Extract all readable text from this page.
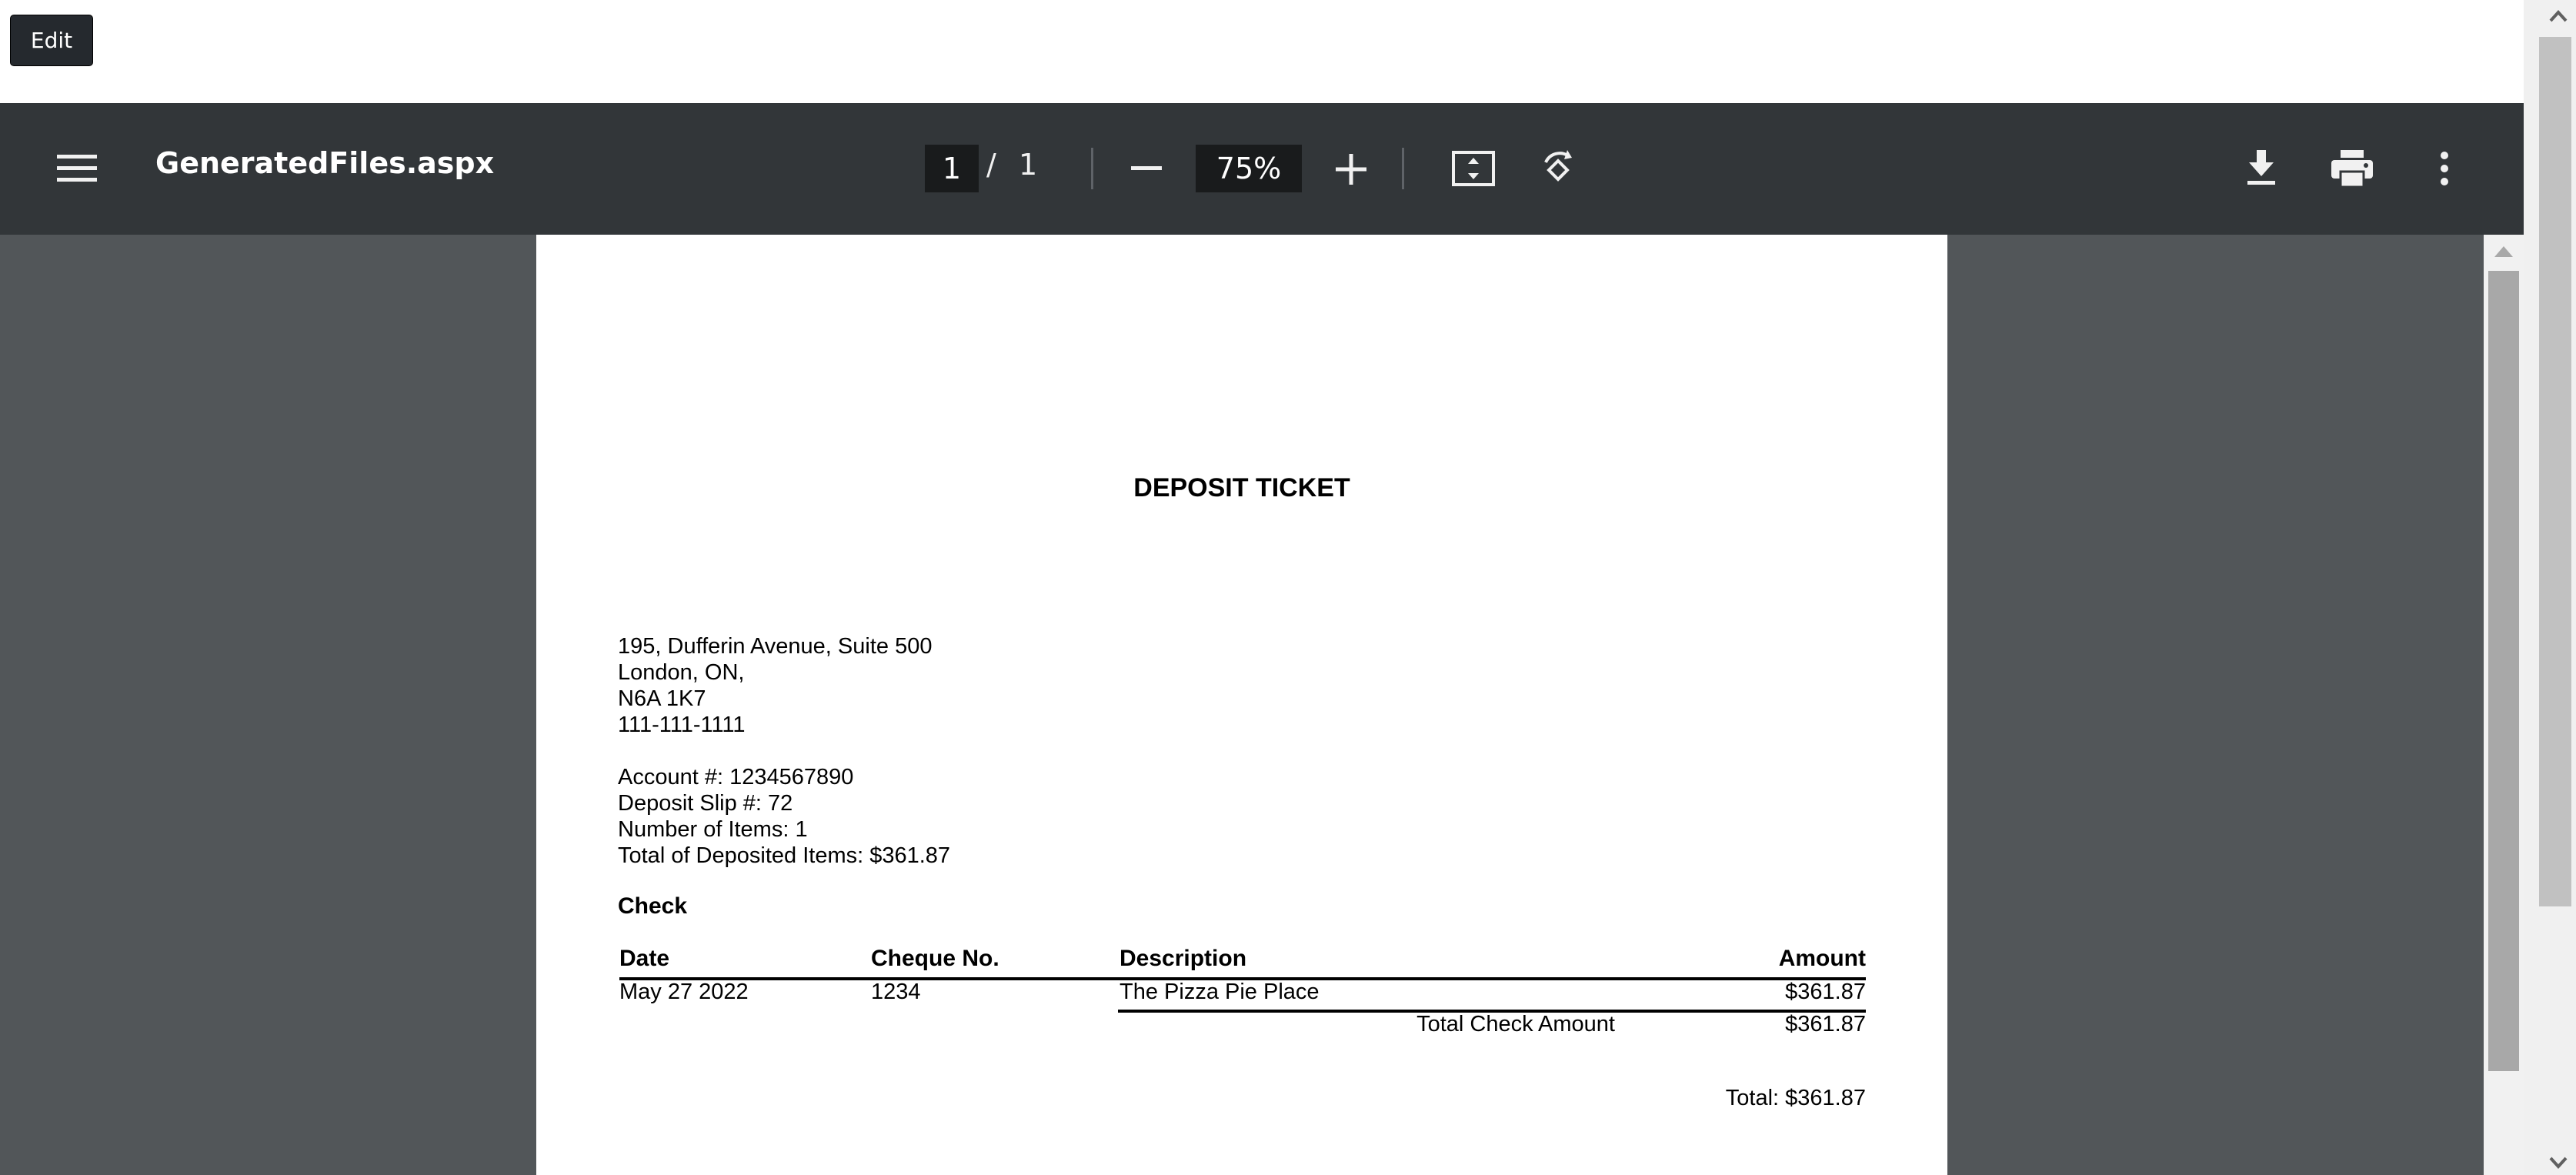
Edit
GeneratedFiles.aspx	1 / 1	75%
DEPOSIT TICKET
195, Dufferin Avenue, Suite 500
London, ON,
N6A 1K7
111-111-1111
Account #: 1234567890
Deposit Slip #: 72
Number of Items: 1
Total of Deposited Items: $361.87
Check
Date	Cheque No.	Description	Amount
May 27 2022	1234	The Pizza Pie Place	$361.87
Total Check Amount	$361.87
Total: $361.87
